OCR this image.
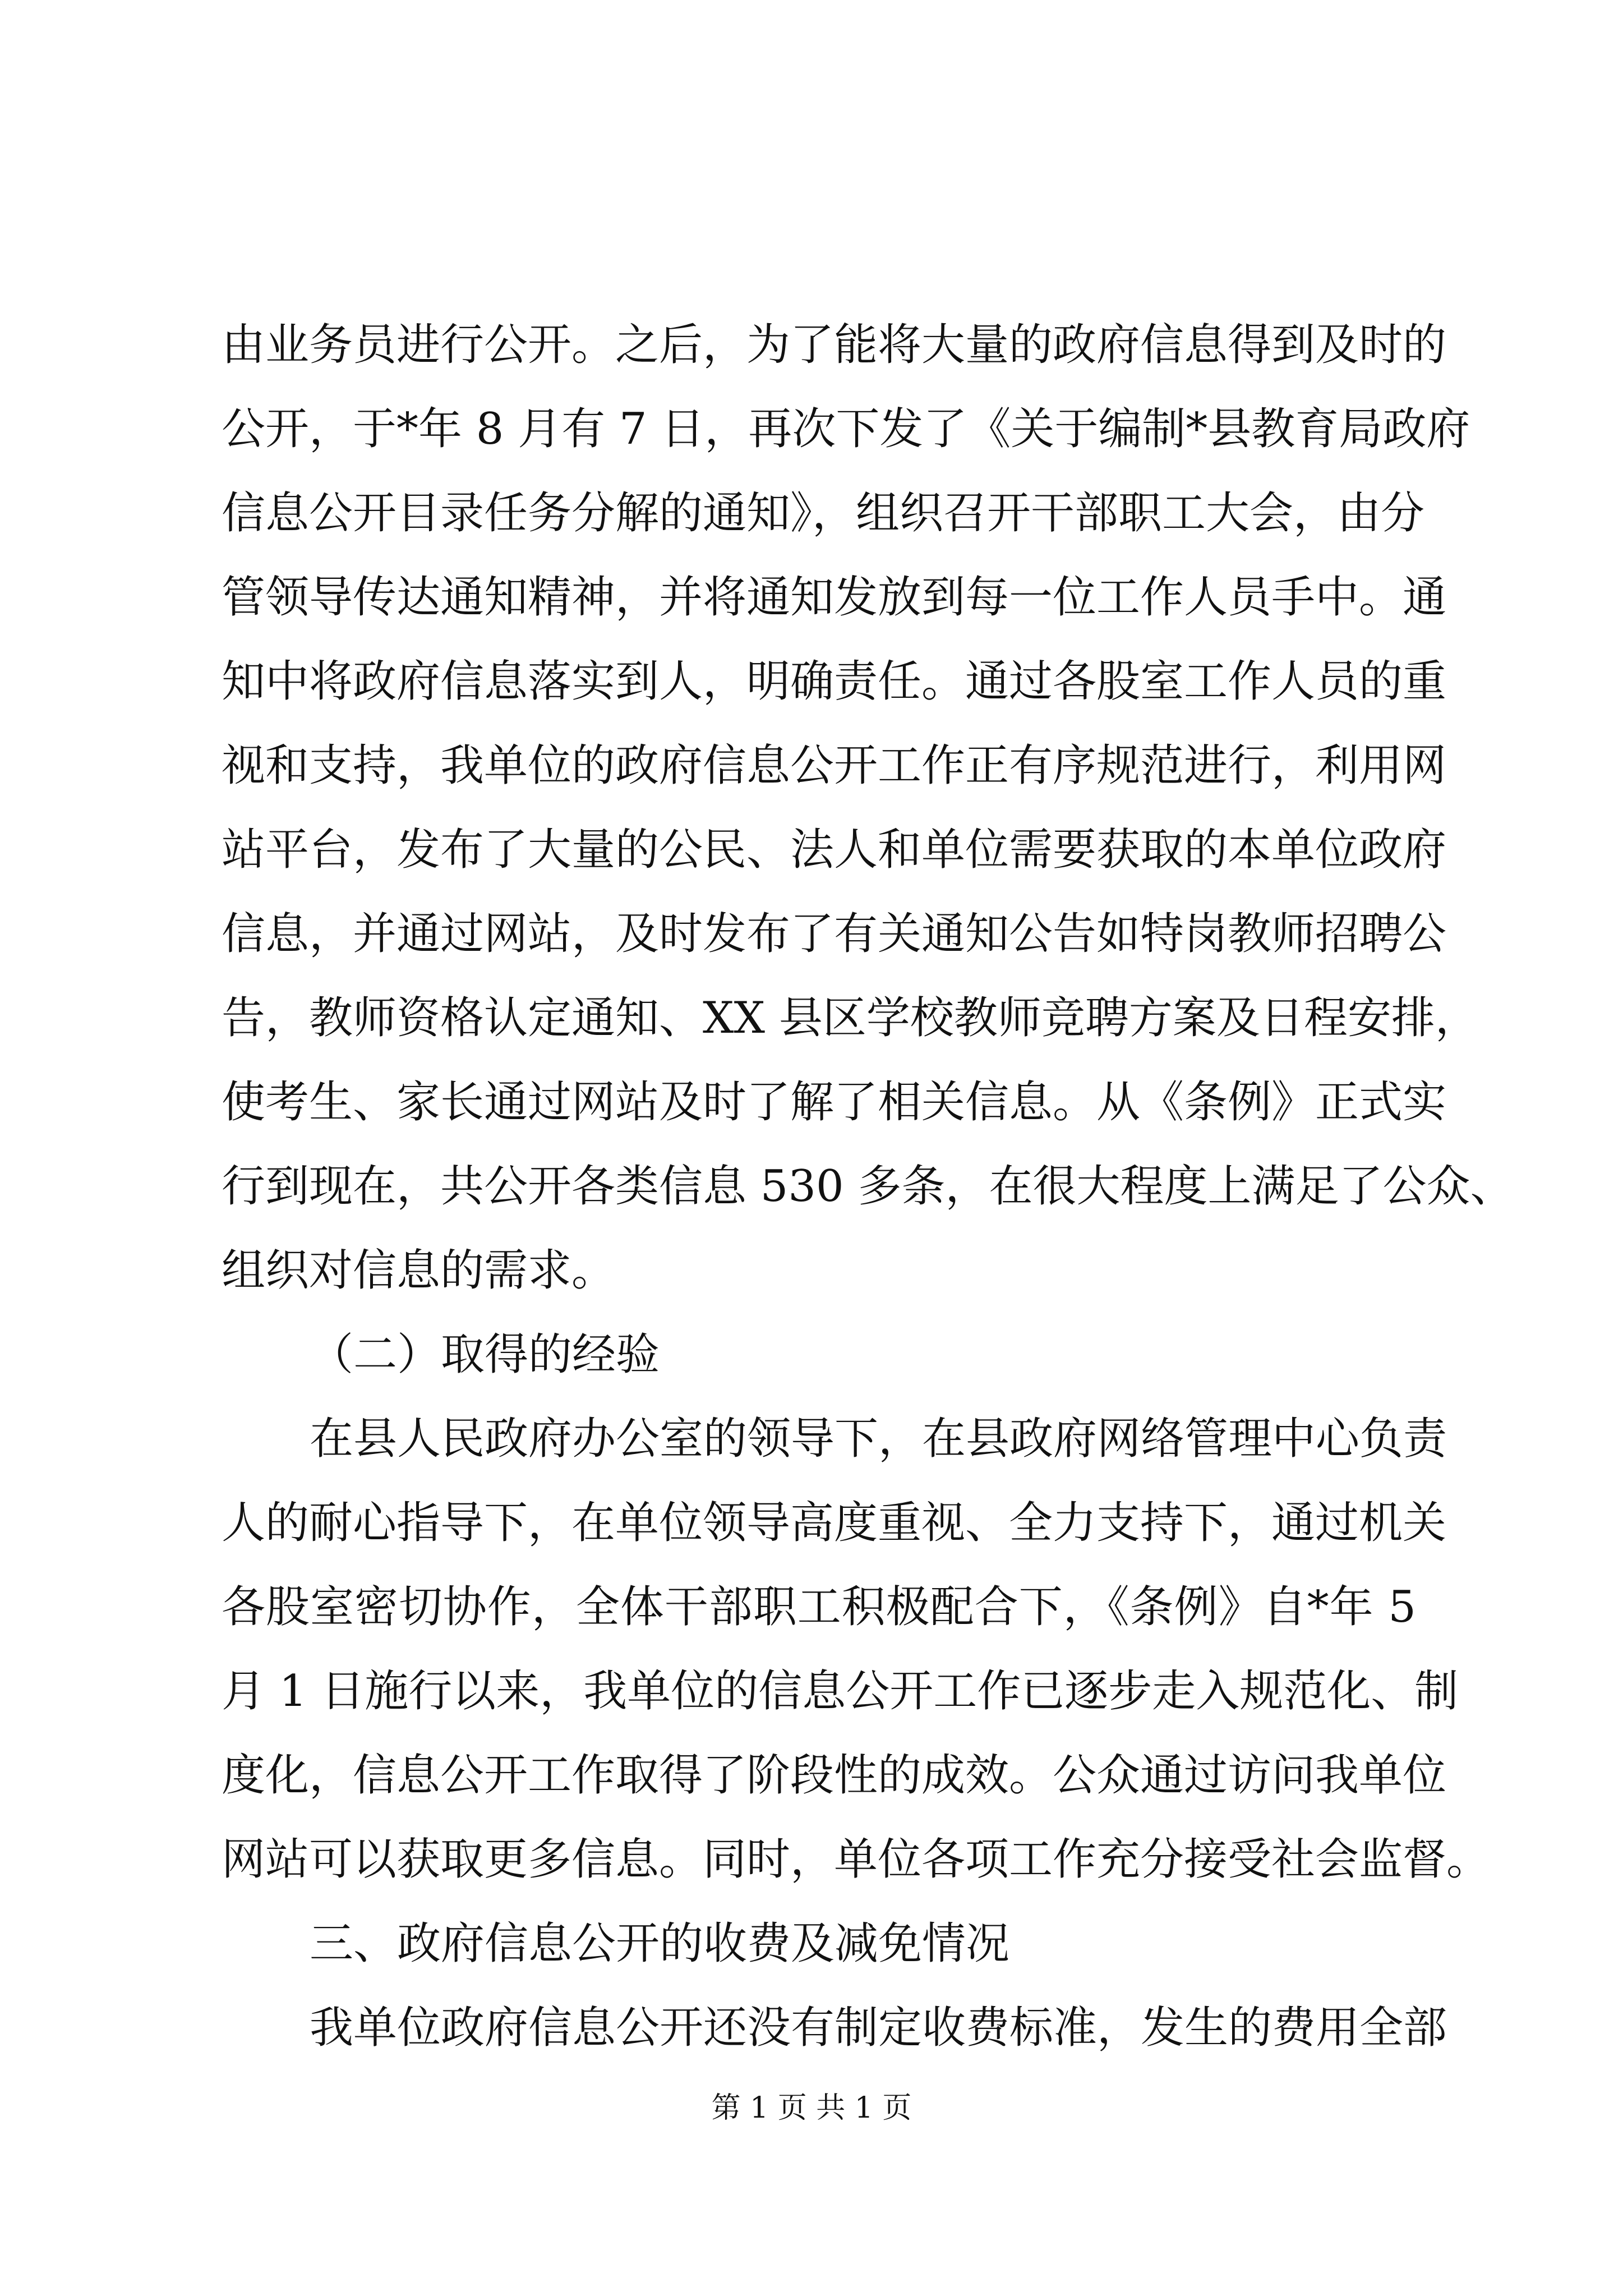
由业务员进行公开。之后，为了能将大量的政府信息得到及时的
公开，于*年 8 月有 7 日，再次下发了《关于编制*县教育局政府
信息公开目录任务分解的通知》，组织召开干部职工大会，由分
管领导传达通知精神，并将通知发放到每一位工作人员手中。通
知中将政府信息落实到人，明确责任。通过各股室工作人员的重
视和支持，我单位的政府信息公开工作正有序规范进行，利用网
站平台，发布了大量的公民、法人和单位需要获取的本单位政府
信息，并通过网站，及时发布了有关通知公告如特岗教师招聘公
告，教师资格认定通知、XX 县区学校教师竞聘方案及日程安排，
使考生、家长通过网站及时了解了相关信息。从《条例》正式实
行到现在，共公开各类信息 530 多条，在很大程度上满足了公众、
组织对信息的需求。
（二）取得的经验
在县人民政府办公室的领导下，在县政府网络管理中心负责
人的耐心指导下，在单位领导高度重视、全力支持下，通过机关
各股室密切协作，全体干部职工积极配合下，《条例》自*年 5
月 1 日施行以来，我单位的信息公开工作已逐步走入规范化、制
度化，信息公开工作取得了阶段性的成效。公众通过访问我单位
网站可以获取更多信息。同时，单位各项工作充分接受社会监督。
三、政府信息公开的收费及减免情况
我单位政府信息公开还没有制定收费标准，发生的费用全部
第 1 页 共 1 页
